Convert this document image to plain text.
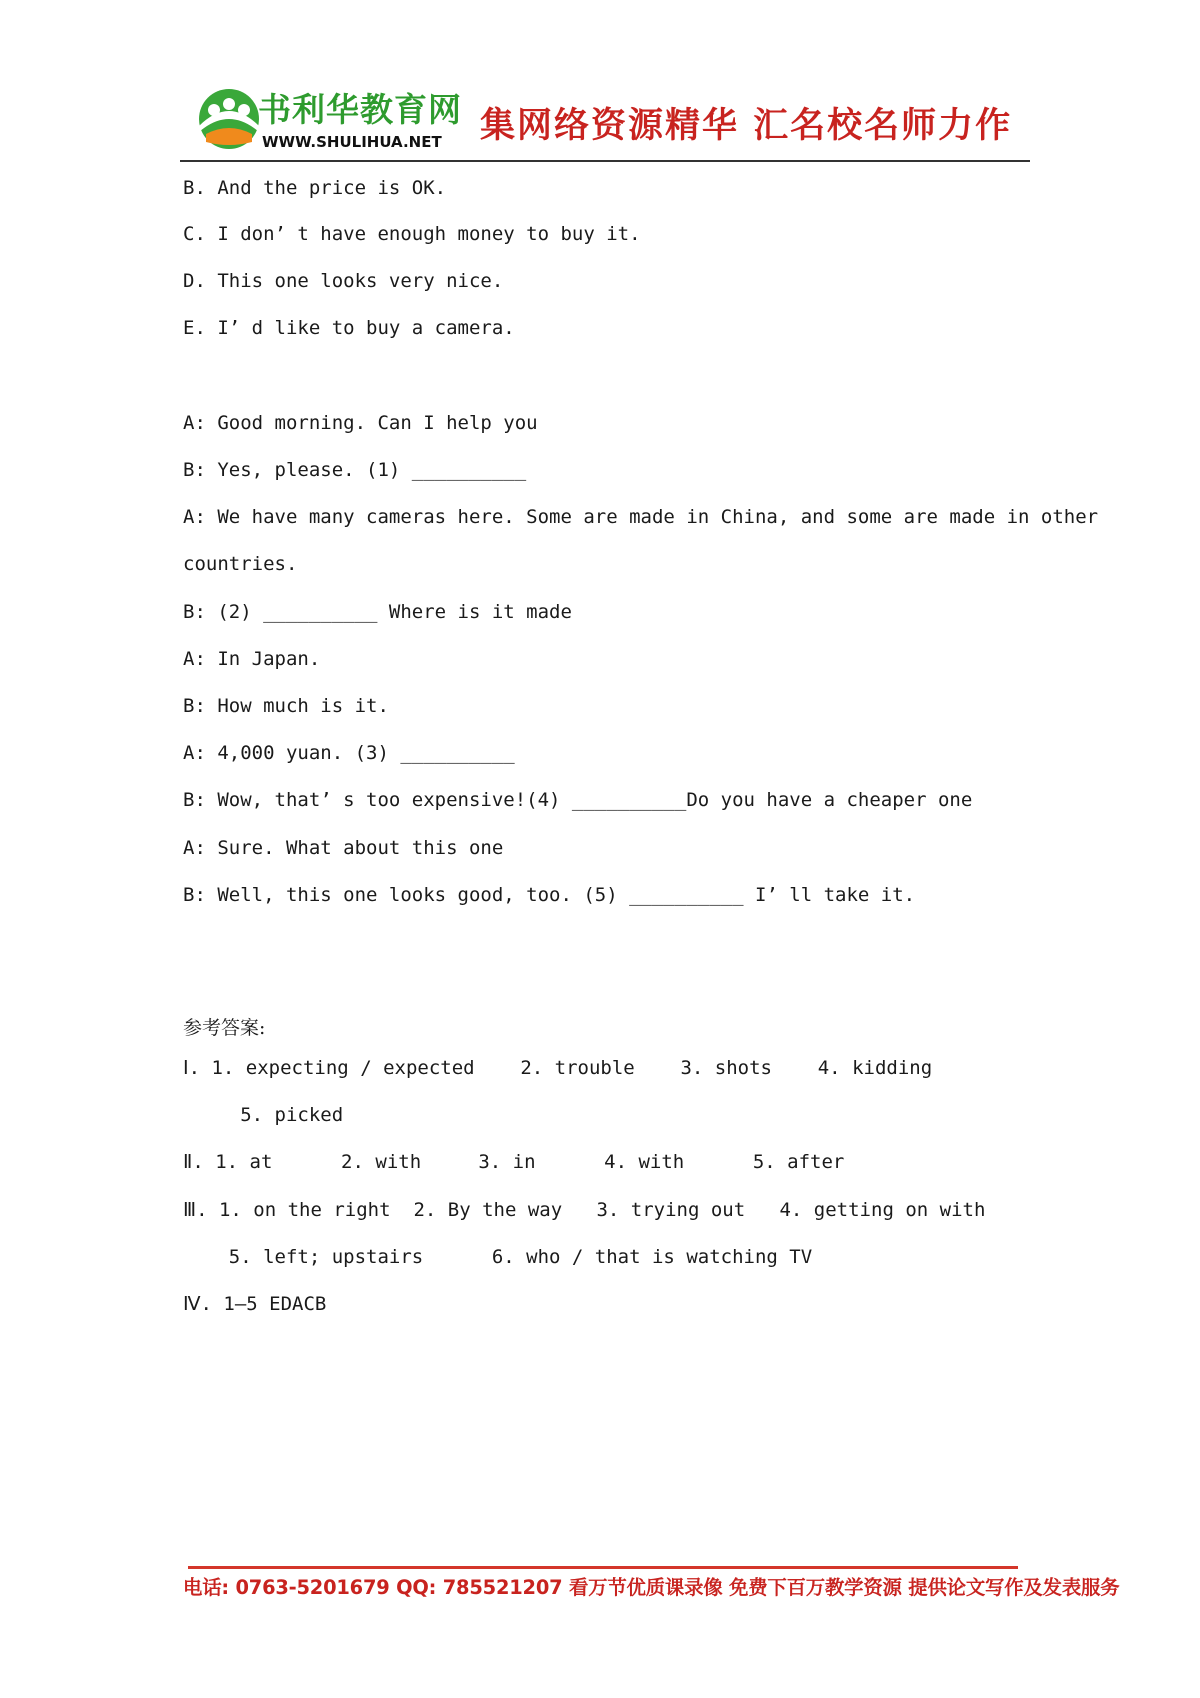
书利华教育网
WWW.SHULIHUA.NET 集网络资源精华 汇名校名师力作
B. And the price is OK.
C. I don’ t have enough money to buy it.
D. This one looks very nice.
E. I’ d like to buy a camera.
A: Good morning. Can I help you
B: Yes, please. (1) __________
A: We have many cameras here. Some are made in China, and some are made in other
countries.
B: (2) __________ Where is it made
A: In Japan.
B: How much is it.
A: 4,000 yuan. (3) __________
B: Wow, that’ s too expensive!(4) __________Do you have a cheaper one
A: Sure. What about this one
B: Well, this one looks good, too. (5) __________ I’ ll take it.
参考答案:
Ⅰ. 1. expecting / expected    2. trouble    3. shots    4. kidding
5. picked
Ⅱ. 1. at      2. with     3. in      4. with      5. after
Ⅲ. 1. on the right  2. By the way   3. trying out   4. getting on with
5. left; upstairs      6. who / that is watching TV
Ⅳ. 1—5 EDACB
电话: 0763-5201679 QQ: 785521207 看万节优质课录像 免费下百万教学资源 提供论文写作及发表服务
